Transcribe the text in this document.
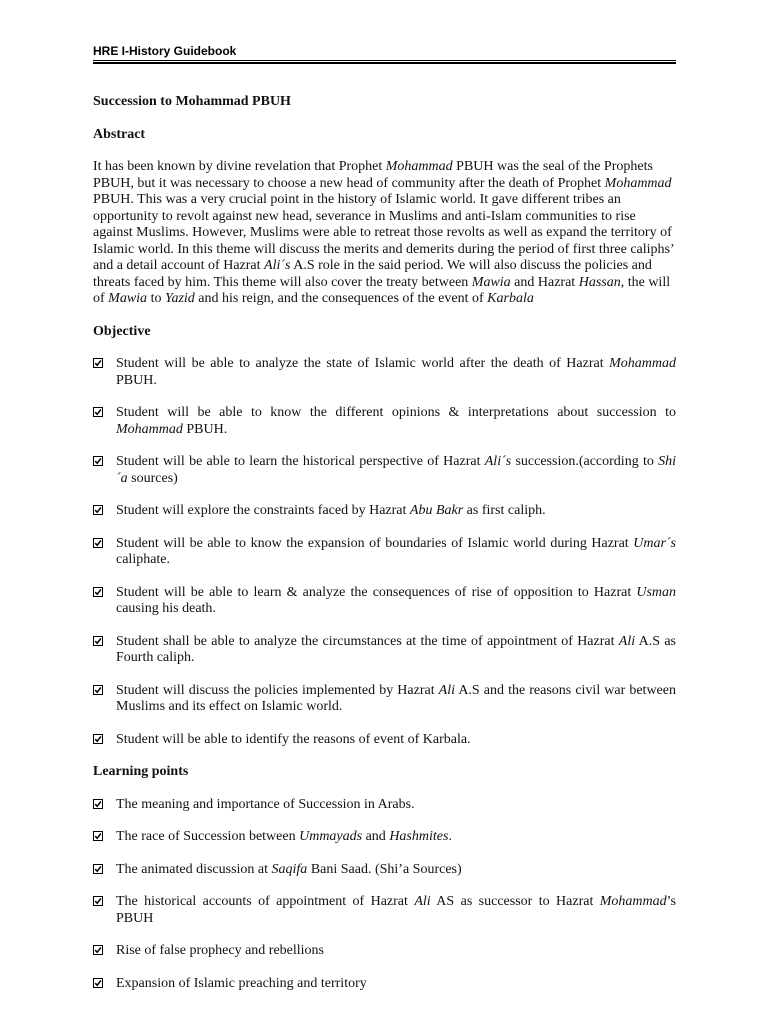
HRE I-History Guidebook
Succession to Mohammad PBUH
Abstract

It has been known by divine revelation that Prophet Mohammad PBUH was the seal of the Prophets PBUH, but it was necessary to choose a new head of community after the death of Prophet Mohammad PBUH. This was a very crucial point in the history of Islamic world. It gave different tribes an opportunity to revolt against new head, severance in Muslims and anti-Islam communities to rise against Muslims. However, Muslims were able to retreat those revolts as well as expand the territory of Islamic world. In this theme will discuss the merits and demerits during the period of first three caliphs’ and a detail account of Hazrat Ali´s A.S role in the said period. We will also discuss the policies and threats faced by him. This theme will also cover the treaty between Mawia and Hazrat Hassan, the will of Mawia to Yazid and his reign, and the consequences of the event of Karbala

Objective
Student will be able to analyze the state of Islamic world after the death of Hazrat Mohammad PBUH.
Student will be able to know the different opinions & interpretations about succession to Mohammad PBUH.
Student will be able to learn the historical perspective of Hazrat Ali´s succession.(according to Shi´a sources)
Student will explore the constraints faced by Hazrat Abu Bakr as first caliph.
Student will be able to know the expansion of boundaries of Islamic world during Hazrat Umar´s caliphate.
Student will be able to learn & analyze the consequences of rise of opposition to Hazrat Usman causing his death.
Student shall be able to analyze the circumstances at the time of appointment of Hazrat Ali A.S as Fourth caliph.
Student will discuss the policies implemented by Hazrat Ali A.S and the reasons civil war between Muslims and its effect on Islamic world.
Student will be able to identify the reasons of event of Karbala.
Learning points
The meaning and importance of Succession in Arabs.
The race of Succession between Ummayads and Hashmites.
The animated discussion at Saqifa Bani Saad. (Shi’a Sources)
The historical accounts of appointment of Hazrat Ali AS as successor to Hazrat Mohammad’s PBUH
Rise of false prophecy and rebellions
Expansion of Islamic preaching and territory
